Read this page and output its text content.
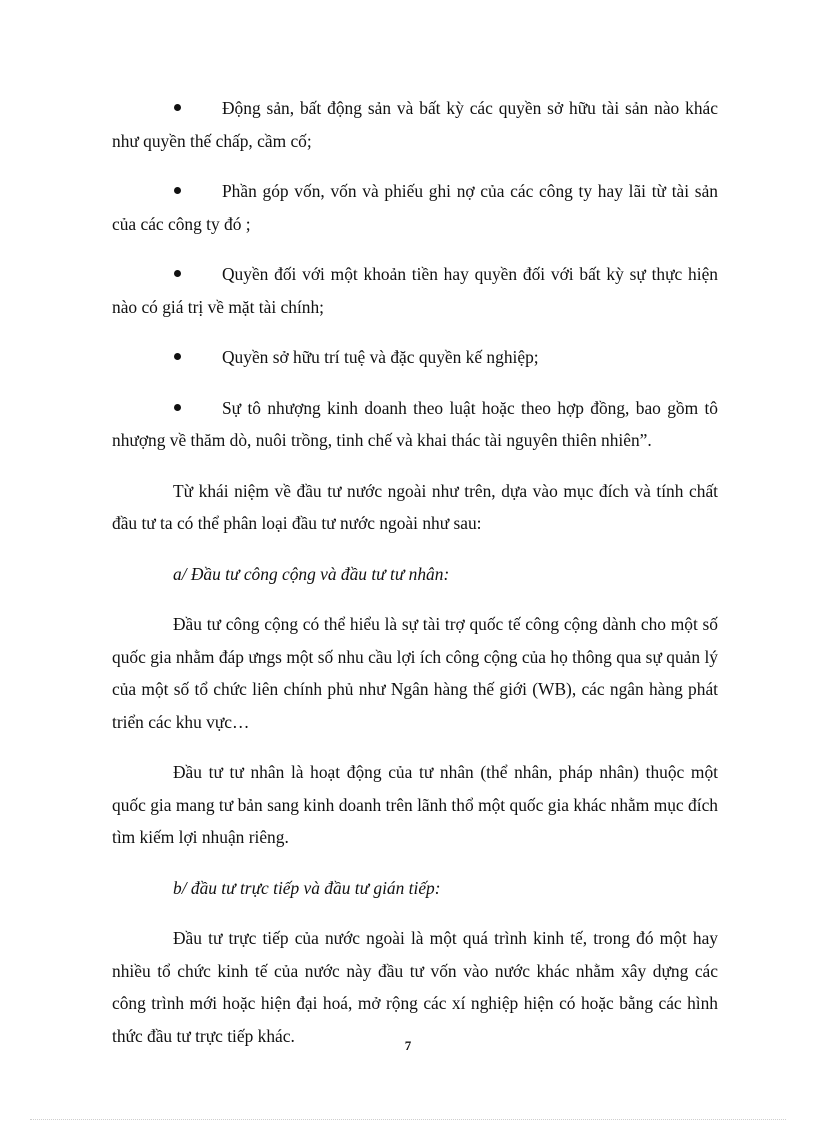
Động sản, bất động sản và bất kỳ các quyền sở hữu tài sản nào khác như quyền thế chấp, cầm cố;
Phần góp vốn, vốn và phiếu ghi nợ của các công ty hay lãi từ tài sản của các công ty đó ;
Quyền đối với một khoản tiền hay quyền đối với bất kỳ sự thực hiện nào có giá trị về mặt tài chính;
Quyền sở hữu trí tuệ và đặc quyền kế nghiệp;
Sự tô nhượng kinh doanh theo luật hoặc theo hợp đồng, bao gồm tô nhượng về thăm dò, nuôi trồng, tinh chế và khai thác tài nguyên thiên nhiên”.

Từ khái niệm về đầu tư nước ngoài như trên, dựa vào mục đích và tính chất đầu tư ta có thể phân loại đầu tư nước ngoài như sau:

a/ Đầu tư công cộng và đầu tư tư nhân:

Đầu tư công cộng có thể hiểu là sự tài trợ quốc tế công cộng dành cho một số quốc gia nhằm đáp ưngs một số nhu cầu lợi ích công cộng của họ thông qua sự quản lý của một số tổ chức liên chính phủ như Ngân hàng thế giới (WB), các ngân hàng phát triển các khu vực…

Đầu tư tư nhân là hoạt động của tư nhân (thể nhân, pháp nhân) thuộc một quốc gia mang tư bản sang kinh doanh trên lãnh thổ một quốc gia khác nhằm mục đích tìm kiếm lợi nhuận riêng.

b/ đầu tư trực tiếp và đầu tư gián tiếp:

Đầu tư trực tiếp của nước ngoài là một quá trình kinh tế, trong đó một hay nhiều tổ chức kinh tế của nước này đầu tư vốn vào nước khác nhằm xây dựng các công trình mới hoặc hiện đại hoá, mở rộng các xí nghiệp hiện có hoặc bằng các hình thức đầu tư trực tiếp khác.	7
